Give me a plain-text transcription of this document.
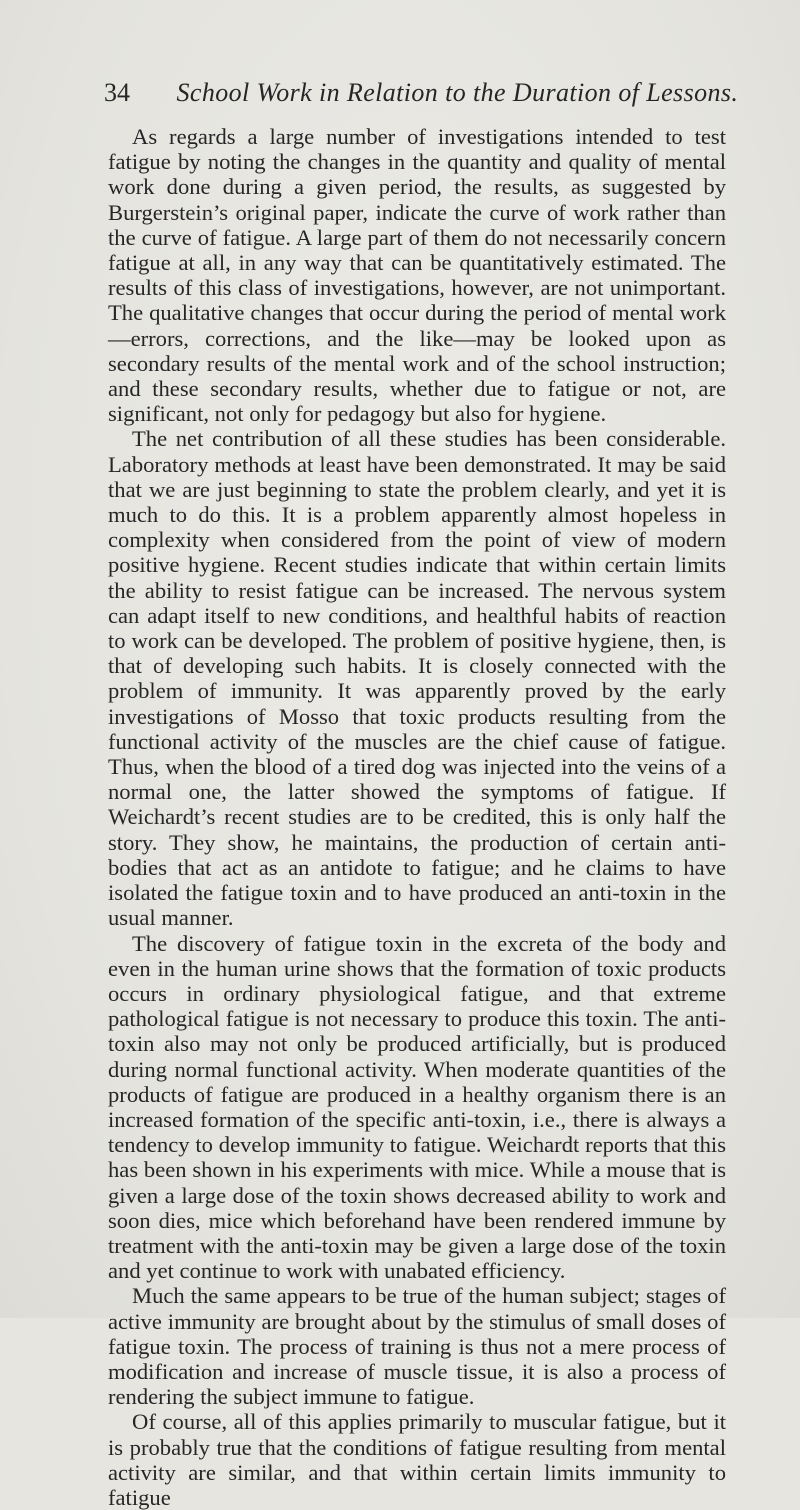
34 School Work in Relation to the Duration of Lessons.

As regards a large number of investigations intended to test fatigue by noting the changes in the quantity and quality of mental work done during a given period, the results, as suggested by Burgerstein’s original paper, indicate the curve of work rather than the curve of fatigue. A large part of them do not necessarily concern fatigue at all, in any way that can be quantitatively estimated. The results of this class of investigations, however, are not unimportant. The qualitative changes that occur during the period of mental work—errors, corrections, and the like—may be looked upon as secondary results of the mental work and of the school instruction; and these secondary results, whether due to fatigue or not, are significant, not only for pedagogy but also for hygiene.

The net contribution of all these studies has been considerable. Laboratory methods at least have been demonstrated. It may be said that we are just beginning to state the problem clearly, and yet it is much to do this. It is a problem apparently almost hopeless in complexity when considered from the point of view of modern positive hygiene. Recent studies indicate that within certain limits the ability to resist fatigue can be increased. The nervous system can adapt itself to new conditions, and healthful habits of reaction to work can be developed. The problem of positive hygiene, then, is that of developing such habits. It is closely connected with the problem of immunity. It was apparently proved by the early investigations of Mosso that toxic products resulting from the functional activity of the muscles are the chief cause of fatigue. Thus, when the blood of a tired dog was injected into the veins of a normal one, the latter showed the symptoms of fatigue. If Weichardt’s recent studies are to be credited, this is only half the story. They show, he maintains, the production of certain anti-bodies that act as an antidote to fatigue; and he claims to have isolated the fatigue toxin and to have produced an anti-toxin in the usual manner.

The discovery of fatigue toxin in the excreta of the body and even in the human urine shows that the formation of toxic products occurs in ordinary physiological fatigue, and that extreme pathological fatigue is not necessary to produce this toxin. The anti-toxin also may not only be produced artificially, but is produced during normal functional activity. When moderate quantities of the products of fatigue are produced in a healthy organism there is an increased formation of the specific anti-toxin, i.e., there is always a tendency to develop immunity to fatigue. Weichardt reports that this has been shown in his experiments with mice. While a mouse that is given a large dose of the toxin shows decreased ability to work and soon dies, mice which beforehand have been rendered immune by treatment with the anti-toxin may be given a large dose of the toxin and yet continue to work with unabated efficiency.

Much the same appears to be true of the human subject; stages of active immunity are brought about by the stimulus of small doses of fatigue toxin. The process of training is thus not a mere process of modification and increase of muscle tissue, it is also a process of rendering the subject immune to fatigue.

Of course, all of this applies primarily to muscular fatigue, but it is probably true that the conditions of fatigue resulting from mental activity are similar, and that within certain limits immunity to fatigue
